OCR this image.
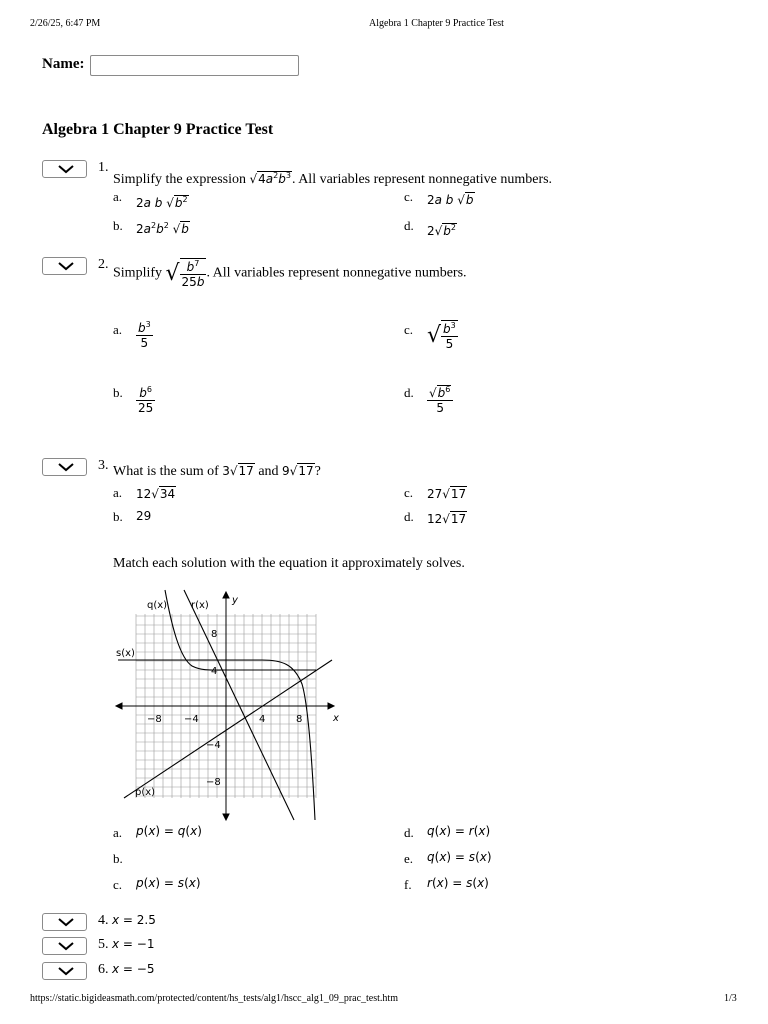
2/26/25, 6:47 PM	Algebra 1 Chapter 9 Practice Test
Name:
Algebra 1 Chapter 9 Practice Test
1.
Simplify the expression $√4a^2b^3$. All variables represent nonnegative numbers.
a. 2a b $√b^2$	c. 2a b √b
b. $2a^2b^2$ √b	d. $2√b^2$
2.
Simplify √ $\frac{b^7}{25b}$ . All variables represent nonnegative numbers.
a. $\frac{b^3}{5}$	c. √ $\frac{b^3}{5}$
b. $\frac{b^6}{25}$	d. $\frac{√b^6}{5}$
3. What is the sum of 3√17 and 9√17?
a. 12√34	c. 27√17
b. 29	d. 12√17
Match each solution with the equation it approximately solves.
y
x
−8 −4	4	8
8
4
−4
−8
q(x) r(x)
s(x)
p(x)
a. p(x) = q(x)	d. q(x) = r(x)
b.	e. q(x) = s(x)
c. p(x) = s(x)	f. r(x) = s(x)
4. x = 2.5
5. x = −1
6. x = −5
https://static.bigideasmath.com/protected/content/hs_tests/alg1/hscc_alg1_09_prac_test.htm	1/3
